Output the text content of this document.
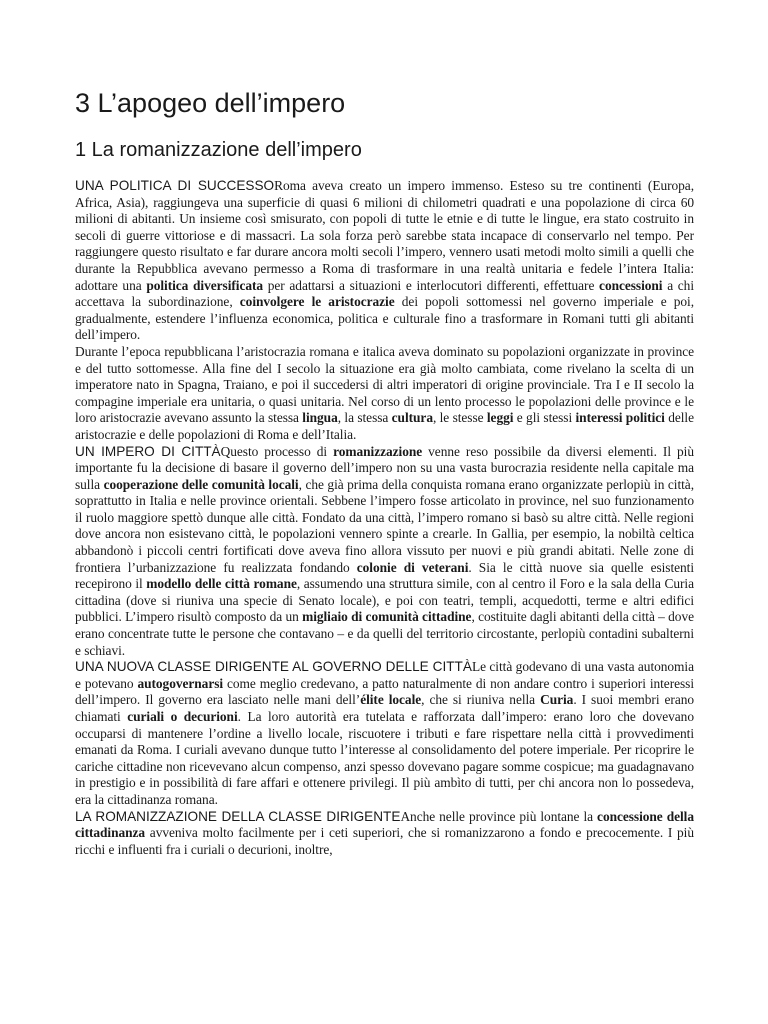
3 L’apogeo dell’impero
1 La romanizzazione dell’impero

UNA POLITICA DI SUCCESSORoma aveva creato un impero immenso. Esteso su tre continenti (Europa, Africa, Asia), raggiungeva una superficie di quasi 6 milioni di chilometri quadrati e una popolazione di circa 60 milioni di abitanti. Un insieme così smisurato, con popoli di tutte le etnie e di tutte le lingue, era stato costruito in secoli di guerre vittoriose e di massacri. La sola forza però sarebbe stata incapace di conservarlo nel tempo. Per raggiungere questo risultato e far durare ancora molti secoli l’impero, vennero usati metodi molto simili a quelli che durante la Repubblica avevano permesso a Roma di trasformare in una realtà unitaria e fedele l’intera Italia: adottare una politica diversificata per adattarsi a situazioni e interlocutori differenti, effettuare concessioni a chi accettava la subordinazione, coinvolgere le aristocrazie dei popoli sottomessi nel governo imperiale e poi, gradualmente, estendere l’influenza economica, politica e culturale fino a trasformare in Romani tutti gli abitanti dell’impero.

Durante l’epoca repubblicana l’aristocrazia romana e italica aveva dominato su popolazioni organizzate in province e del tutto sottomesse. Alla fine del I secolo la situazione era già molto cambiata, come rivelano la scelta di un imperatore nato in Spagna, Traiano, e poi il succedersi di altri imperatori di origine provinciale. Tra I e II secolo la compagine imperiale era unitaria, o quasi unitaria. Nel corso di un lento processo le popolazioni delle province e le loro aristocrazie avevano assunto la stessa lingua, la stessa cultura, le stesse leggi e gli stessi interessi politici delle aristocrazie e delle popolazioni di Roma e dell’Italia.

UN IMPERO DI CITTÀQuesto processo di romanizzazione venne reso possibile da diversi elementi. Il più importante fu la decisione di basare il governo dell’impero non su una vasta burocrazia residente nella capitale ma sulla cooperazione delle comunità locali, che già prima della conquista romana erano organizzate perlopiù in città, soprattutto in Italia e nelle province orientali. Sebbene l’impero fosse articolato in province, nel suo funzionamento il ruolo maggiore spettò dunque alle città. Fondato da una città, l’impero romano si basò su altre città. Nelle regioni dove ancora non esistevano città, le popolazioni vennero spinte a crearle. In Gallia, per esempio, la nobiltà celtica abbandonò i piccoli centri fortificati dove aveva fino allora vissuto per nuovi e più grandi abitati. Nelle zone di frontiera l’urbanizzazione fu realizzata fondando colonie di veterani. Sia le città nuove sia quelle esistenti recepirono il modello delle città romane, assumendo una struttura simile, con al centro il Foro e la sala della Curia cittadina (dove si riuniva una specie di Senato locale), e poi con teatri, templi, acquedotti, terme e altri edifici pubblici. L’impero risultò composto da un migliaio di comunità cittadine, costituite dagli abitanti della città – dove erano concentrate tutte le persone che contavano – e da quelli del territorio circostante, perlopiù contadini subalterni e schiavi.

UNA NUOVA CLASSE DIRIGENTE AL GOVERNO DELLE CITTÀLe città godevano di una vasta autonomia e potevano autogovernarsi come meglio credevano, a patto naturalmente di non andare contro i superiori interessi dell’impero. Il governo era lasciato nelle mani dell’élite locale, che si riuniva nella Curia. I suoi membri erano chiamati curiali o decurioni. La loro autorità era tutelata e rafforzata dall’impero: erano loro che dovevano occuparsi di mantenere l’ordine a livello locale, riscuotere i tributi e fare rispettare nella città i provvedimenti emanati da Roma. I curiali avevano dunque tutto l’interesse al consolidamento del potere imperiale. Per ricoprire le cariche cittadine non ricevevano alcun compenso, anzi spesso dovevano pagare somme cospicue; ma guadagnavano in prestigio e in possibilità di fare affari e ottenere privilegi. Il più ambìto di tutti, per chi ancora non lo possedeva, era la cittadinanza romana.

LA ROMANIZZAZIONE DELLA CLASSE DIRIGENTEAnche nelle province più lontane la concessione della cittadinanza avveniva molto facilmente per i ceti superiori, che si romanizzarono a fondo e precocemente. I più ricchi e influenti fra i curiali o decurioni, inoltre,
